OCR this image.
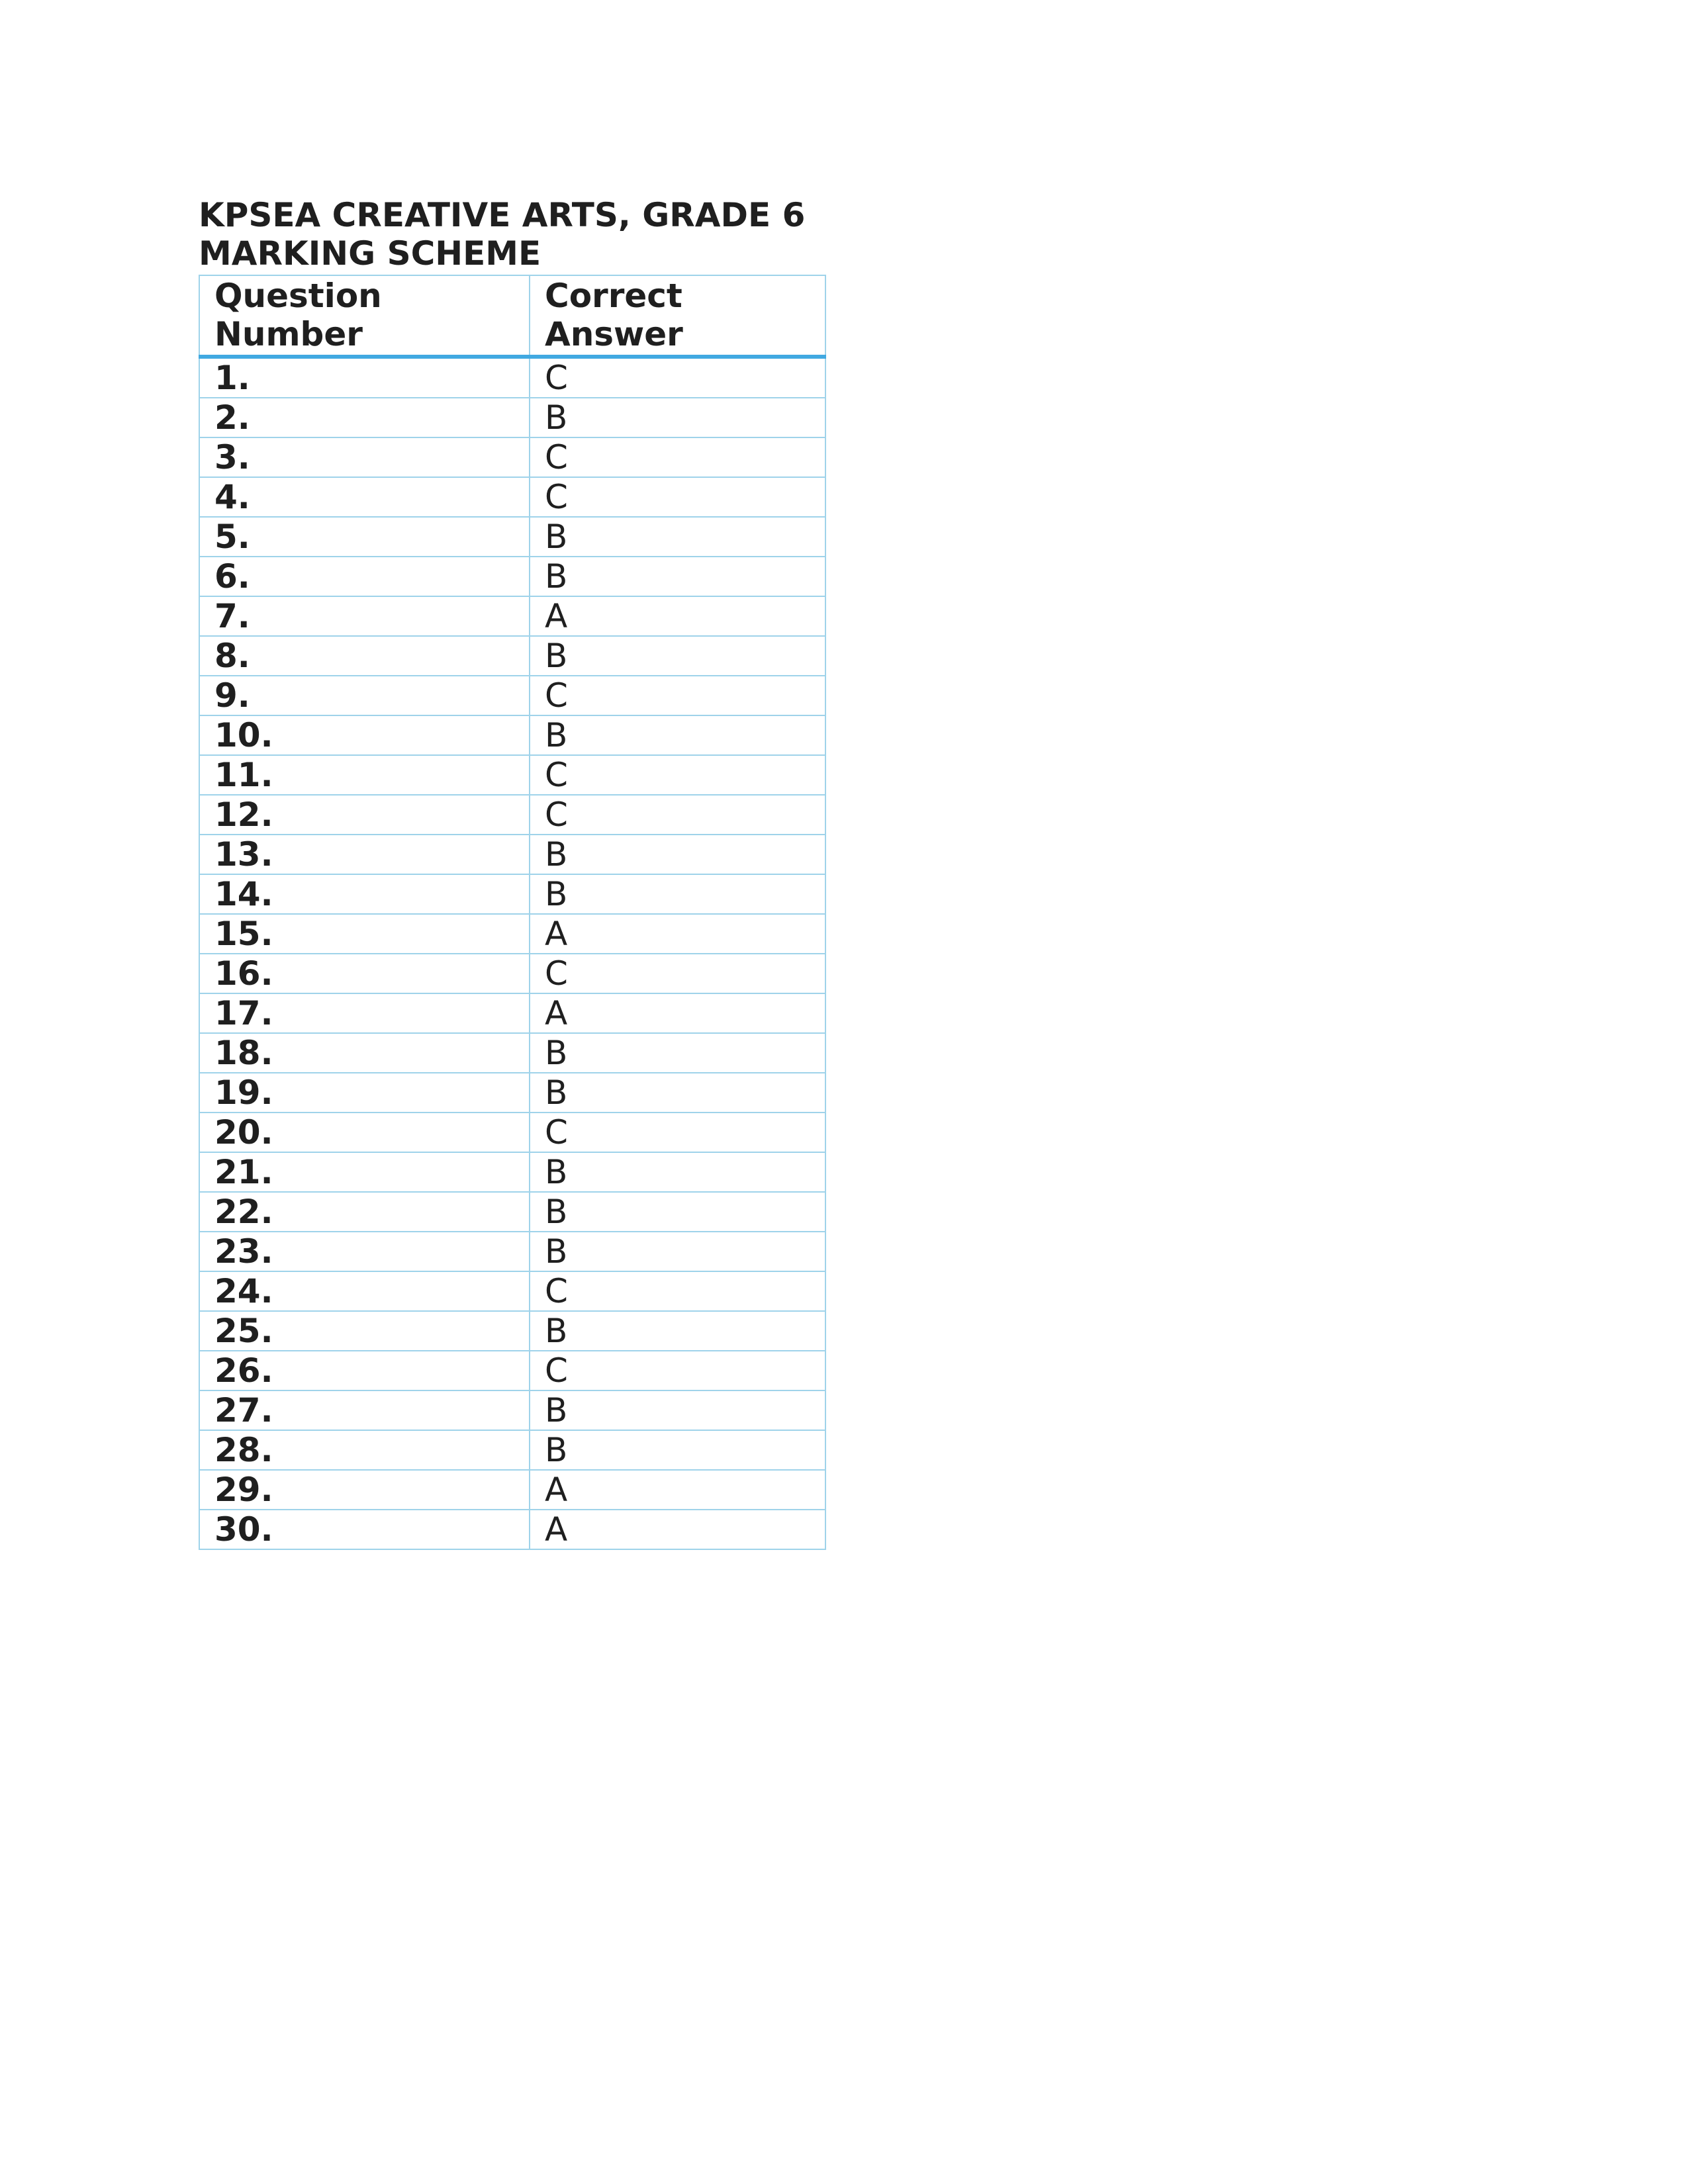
KPSEA CREATIVE ARTS, GRADE 6
MARKING SCHEME
Question
Number	Correct
Answer

1.	C
2.	B
3.	C
4.	C
5.	B
6.	B
7.	A
8.	B
9.	C
10.	B
11.	C
12.	C
13.	B
14.	B
15.	A
16.	C
17.	A
18.	B
19.	B
20.	C
21.	B
22.	B
23.	B
24.	C
25.	B
26.	C
27.	B
28.	B
29.	A
30.	A
